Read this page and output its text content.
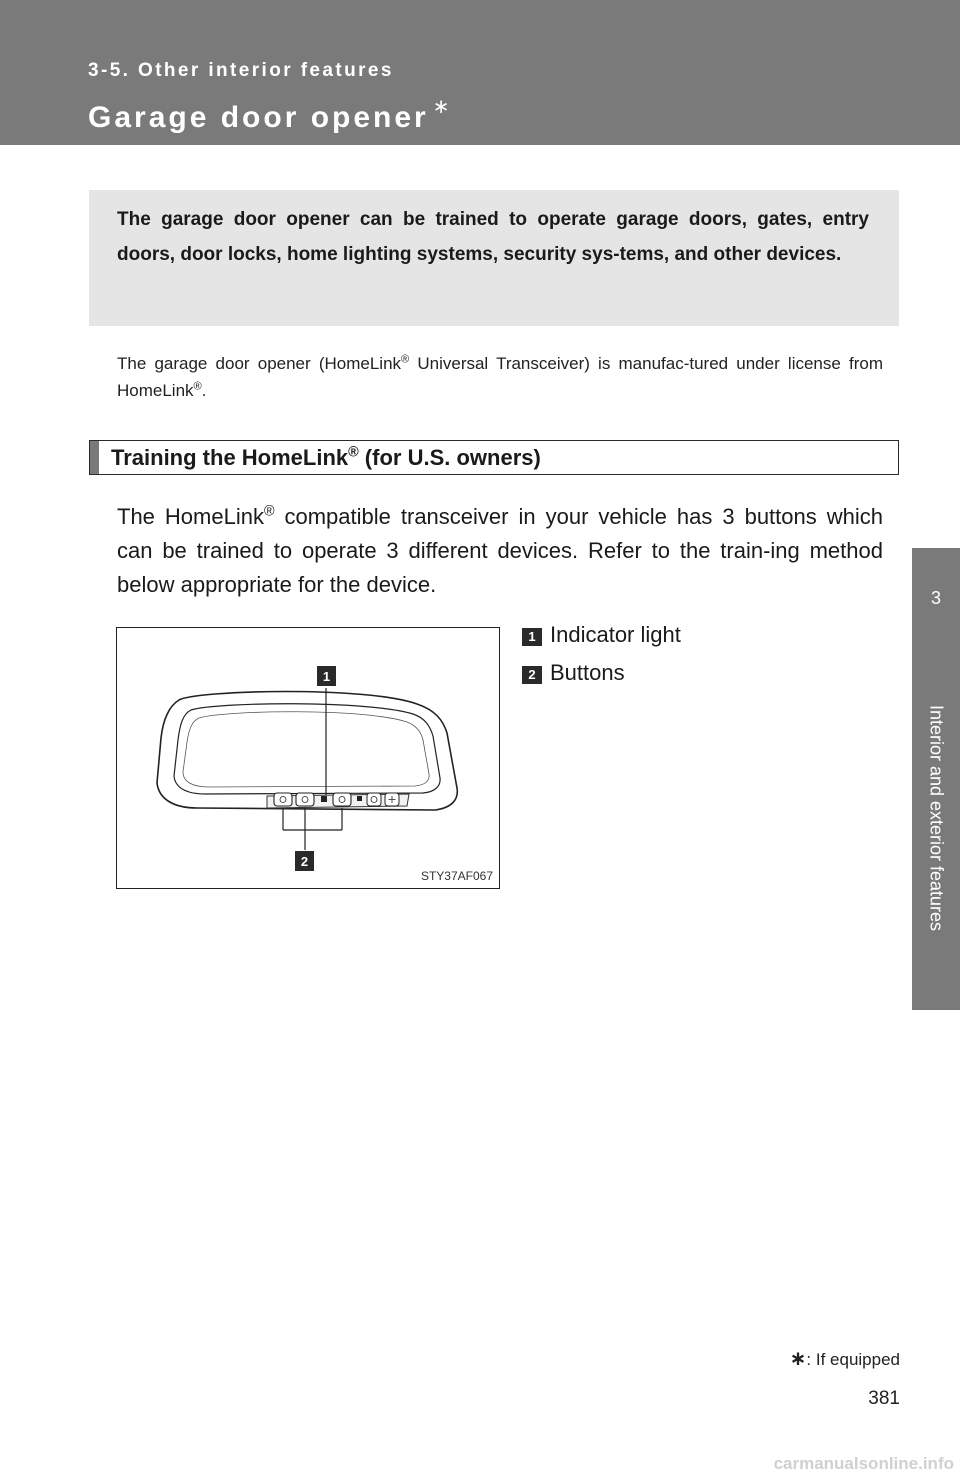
3-5. Other interior features
Garage door opener ∗
3
Interior and exterior features
The garage door opener can be trained to operate garage doors, gates, entry doors, door locks, home lighting systems, security sys-tems, and other devices.
The garage door opener (HomeLink® Universal Transceiver) is manufac-tured under license from HomeLink®.
Training the HomeLink® (for U.S. owners)
The HomeLink® compatible transceiver in your vehicle has 3 buttons which can be trained to operate 3 different devices. Refer to the train-ing method below appropriate for the device.
1
2
STY37AF067
1 Indicator light
2 Buttons
∗: If equipped
381
carmanualsonline.info
